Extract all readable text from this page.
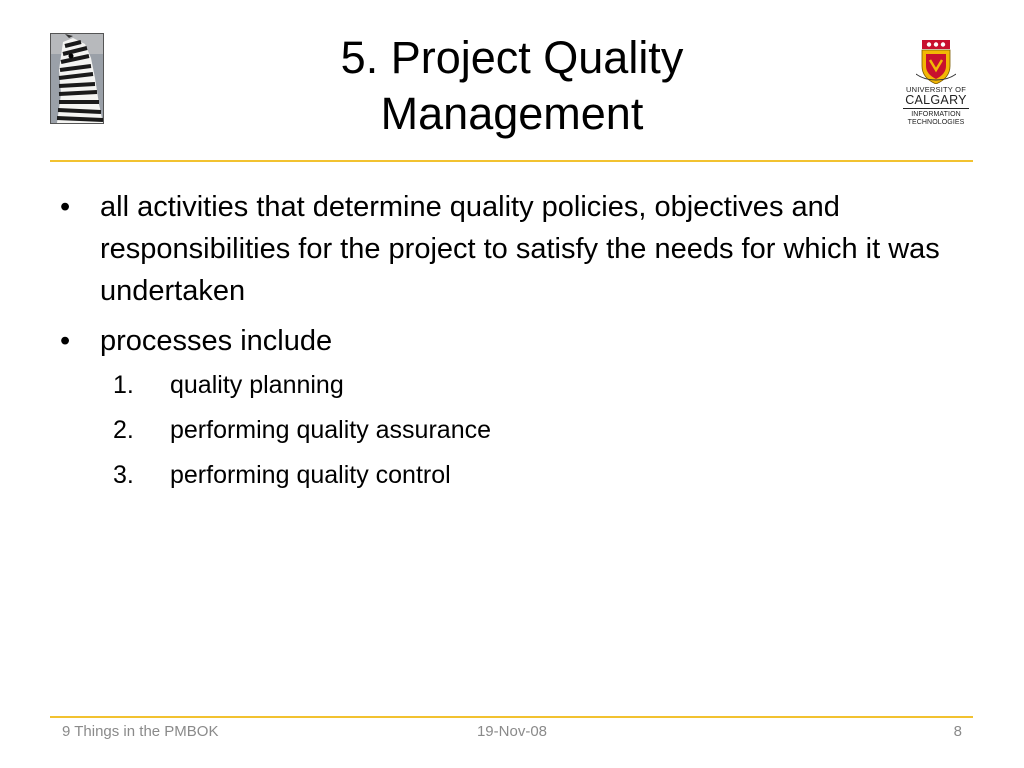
5. Project Quality
Management	UNIVERSITY OF
CALGARY
INFORMATION
TECHNOLOGIES
• all activities that determine quality policies, objectives and responsibilities for the project to satisfy the needs for which it was undertaken
• processes include
1. quality planning
2. performing quality assurance
3. performing quality control
9 Things in the PMBOK	19-Nov-08	8
